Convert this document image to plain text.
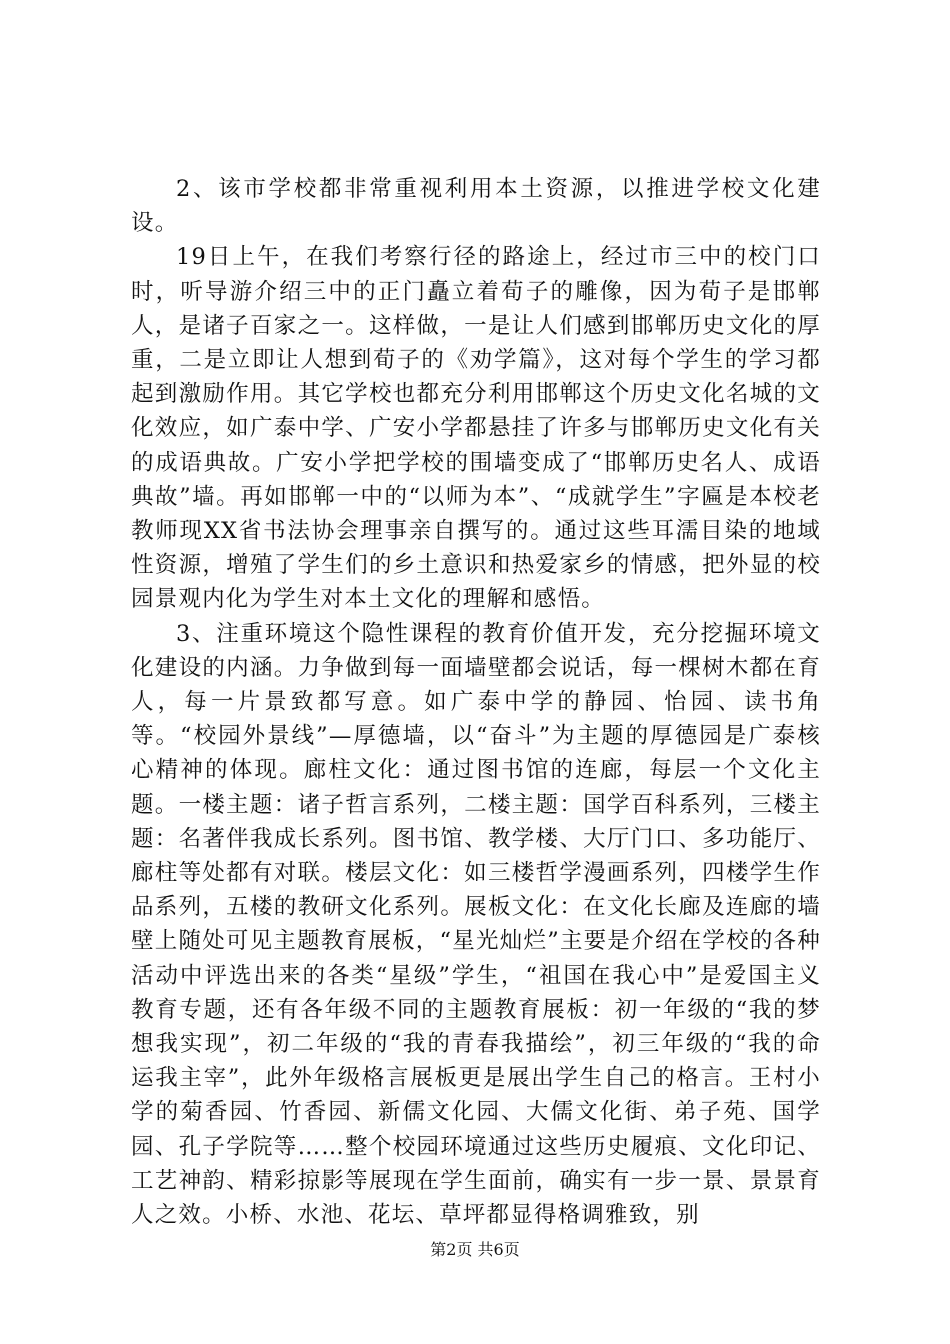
2、该市学校都非常重视利用本土资源，以推进学校文化建设。

19日上午，在我们考察行径的路途上，经过市三中的校门口时，听导游介绍三中的正门矗立着荀子的雕像，因为荀子是邯郸人，是诸子百家之一。这样做，一是让人们感到邯郸历史文化的厚重，二是立即让人想到荀子的《劝学篇》，这对每个学生的学习都起到激励作用。其它学校也都充分利用邯郸这个历史文化名城的文化效应，如广泰中学、广安小学都悬挂了许多与邯郸历史文化有关的成语典故。广安小学把学校的围墙变成了“邯郸历史名人、成语典故”墙。再如邯郸一中的“以师为本”、“成就学生”字匾是本校老教师现XX省书法协会理事亲自撰写的。通过这些耳濡目染的地域性资源，增殖了学生们的乡土意识和热爱家乡的情感，把外显的校园景观内化为学生对本土文化的理解和感悟。

3、注重环境这个隐性课程的教育价值开发，充分挖掘环境文化建设的内涵。力争做到每一面墙壁都会说话，每一棵树木都在育人，每一片景致都写意。如广泰中学的静园、怡园、读书角等。“校园外景线”—厚德墙，以“奋斗”为主题的厚德园是广泰核心精神的体现。廊柱文化：通过图书馆的连廊，每层一个文化主题。一楼主题：诸子哲言系列，二楼主题：国学百科系列，三楼主题：名著伴我成长系列。图书馆、教学楼、大厅门口、多功能厅、廊柱等处都有对联。楼层文化：如三楼哲学漫画系列，四楼学生作品系列，五楼的教研文化系列。展板文化：在文化长廊及连廊的墙壁上随处可见主题教育展板，“星光灿烂”主要是介绍在学校的各种活动中评选出来的各类“星级”学生，“祖国在我心中”是爱国主义教育专题，还有各年级不同的主题教育展板：初一年级的“我的梦想我实现”，初二年级的“我的青春我描绘”，初三年级的“我的命运我主宰”，此外年级格言展板更是展出学生自己的格言。王村小学的菊香园、竹香园、新儒文化园、大儒文化街、弟子苑、国学园、孔子学院等……整个校园环境通过这些历史履痕、文化印记、工艺神韵、精彩掠影等展现在学生面前，确实有一步一景、景景育人之效。小桥、水池、花坛、草坪都显得格调雅致，别

第2页 共6页
